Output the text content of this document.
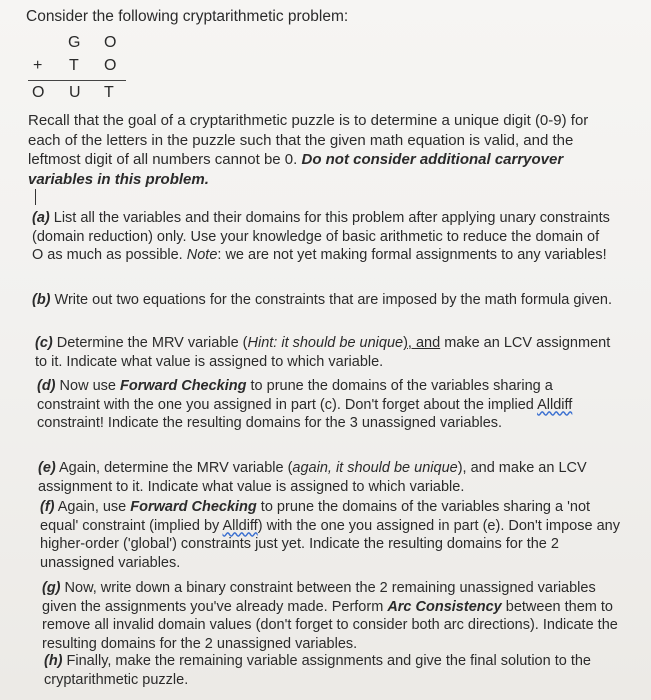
Consider the following cryptarithmetic problem:

G O
+ T O
O U T

Recall that the goal of a cryptarithmetic puzzle is to determine a unique digit (0-9) for each of the letters in the puzzle such that the given math equation is valid, and the leftmost digit of all numbers cannot be 0. Do not consider additional carryover variables in this problem.

(a) List all the variables and their domains for this problem after applying unary constraints (domain reduction) only. Use your knowledge of basic arithmetic to reduce the domain of O as much as possible. Note: we are not yet making formal assignments to any variables!

(b) Write out two equations for the constraints that are imposed by the math formula given.

(c) Determine the MRV variable (Hint: it should be unique), and make an LCV assignment to it. Indicate what value is assigned to which variable.

(d) Now use Forward Checking to prune the domains of the variables sharing a constraint with the one you assigned in part (c). Don't forget about the implied Alldiff constraint! Indicate the resulting domains for the 3 unassigned variables.

(e) Again, determine the MRV variable (again, it should be unique), and make an LCV assignment to it. Indicate what value is assigned to which variable.

(f) Again, use Forward Checking to prune the domains of the variables sharing a 'not equal' constraint (implied by Alldiff) with the one you assigned in part (e). Don't impose any higher-order ('global') constraints just yet. Indicate the resulting domains for the 2 unassigned variables.

(g) Now, write down a binary constraint between the 2 remaining unassigned variables given the assignments you've already made. Perform Arc Consistency between them to remove all invalid domain values (don't forget to consider both arc directions). Indicate the resulting domains for the 2 unassigned variables.

(h) Finally, make the remaining variable assignments and give the final solution to the cryptarithmetic puzzle.
